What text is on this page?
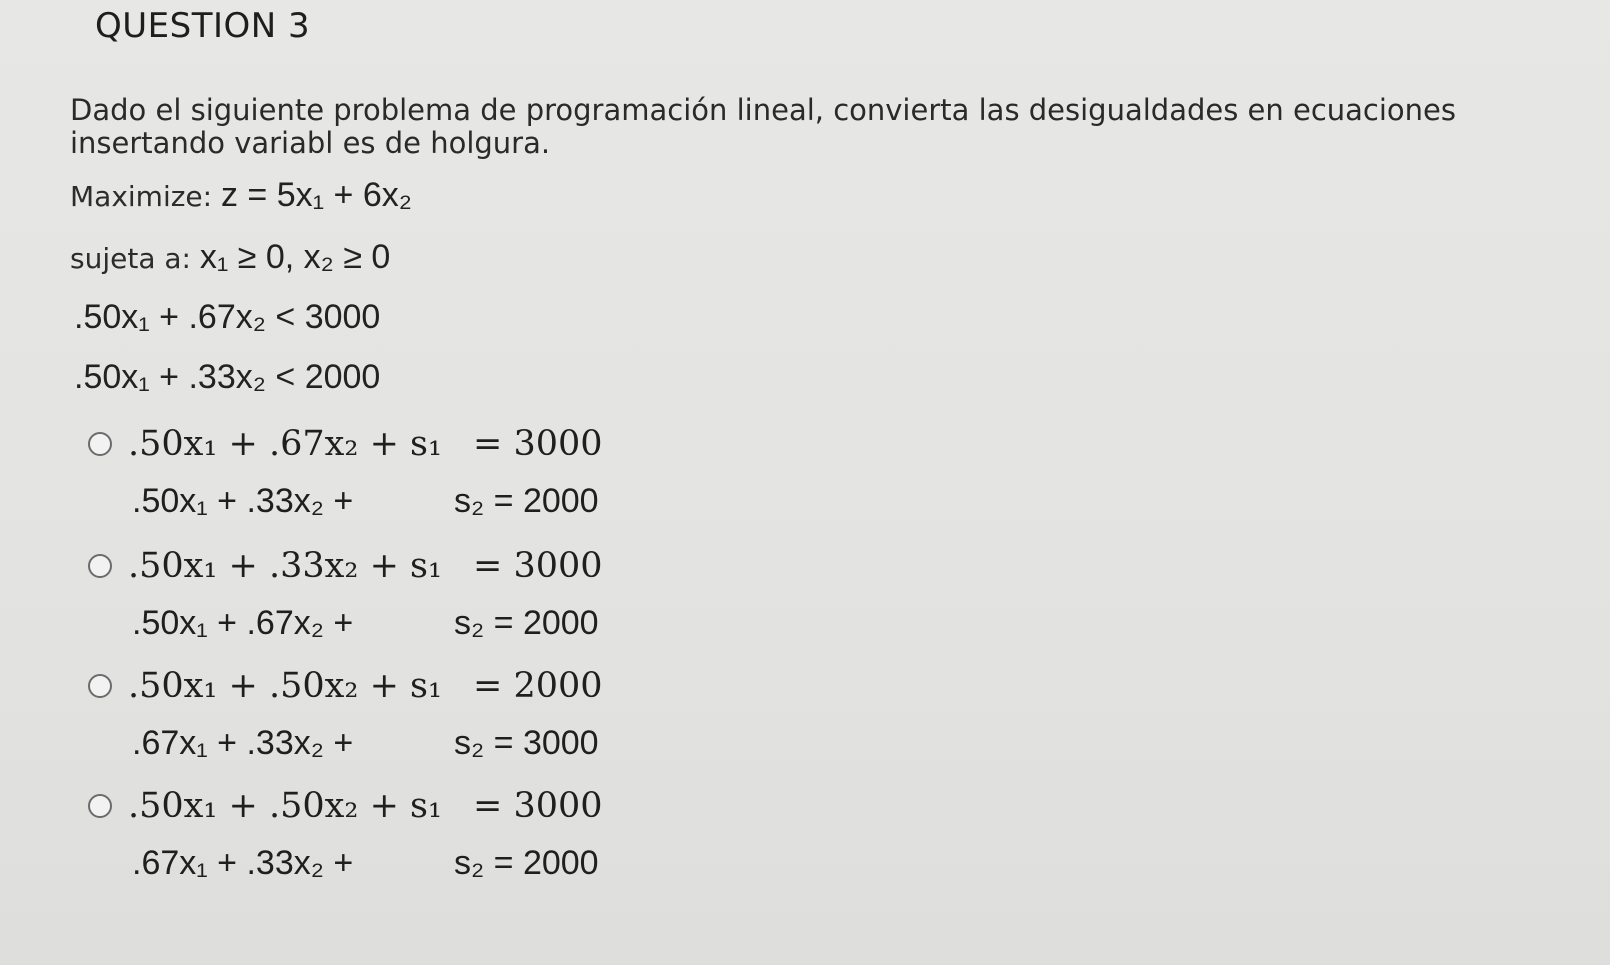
QUESTION 3
Dado el siguiente problema de programación lineal, convierta las desigualdades en ecuaciones insertando variabl es de holgura.
Maximize: z = 5x₁ + 6x₂
sujeta a: x₁ ≥ 0, x₂ ≥ 0
.50x₁ + .67x₂ < 3000
.50x₁ + .33x₂ < 2000
.50x₁ + .67x₂ + s₁ = 3000
.50x₁ + .33x₂ +	s₂ = 2000
.50x₁ + .33x₂ + s₁ = 3000
.50x₁ + .67x₂ +	s₂ = 2000
.50x₁ + .50x₂ + s₁ = 2000
.67x₁ + .33x₂ +	s₂ = 3000
.50x₁ + .50x₂ + s₁ = 3000
.67x₁ + .33x₂ +	s₂ = 2000
